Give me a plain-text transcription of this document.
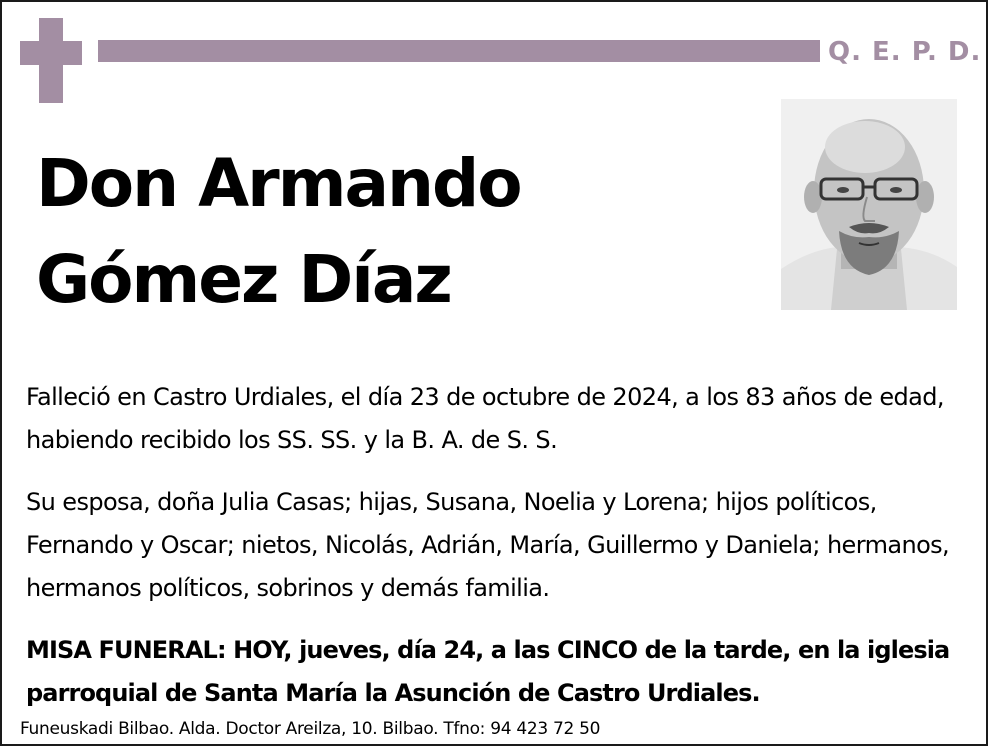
Q. E. P. D.
Don Armando
Gómez Díaz

Falleció en Castro Urdiales, el día 23 de octubre de 2024, a los 83 años de edad, habiendo recibido los SS. SS. y la B. A. de S. S.

Su esposa, doña Julia Casas; hijas, Susana, Noelia y Lorena; hijos políticos, Fernando y Oscar; nietos, Nicolás, Adrián, María, Guillermo y Daniela; hermanos, hermanos políticos, sobrinos y demás familia.

MISA FUNERAL: HOY, jueves, día 24, a las CINCO de la tarde, en la iglesia parroquial de Santa María la Asunción de Castro Urdiales.

Funeuskadi Bilbao. Alda. Doctor Areilza, 10. Bilbao. Tfno: 94 423 72 50
